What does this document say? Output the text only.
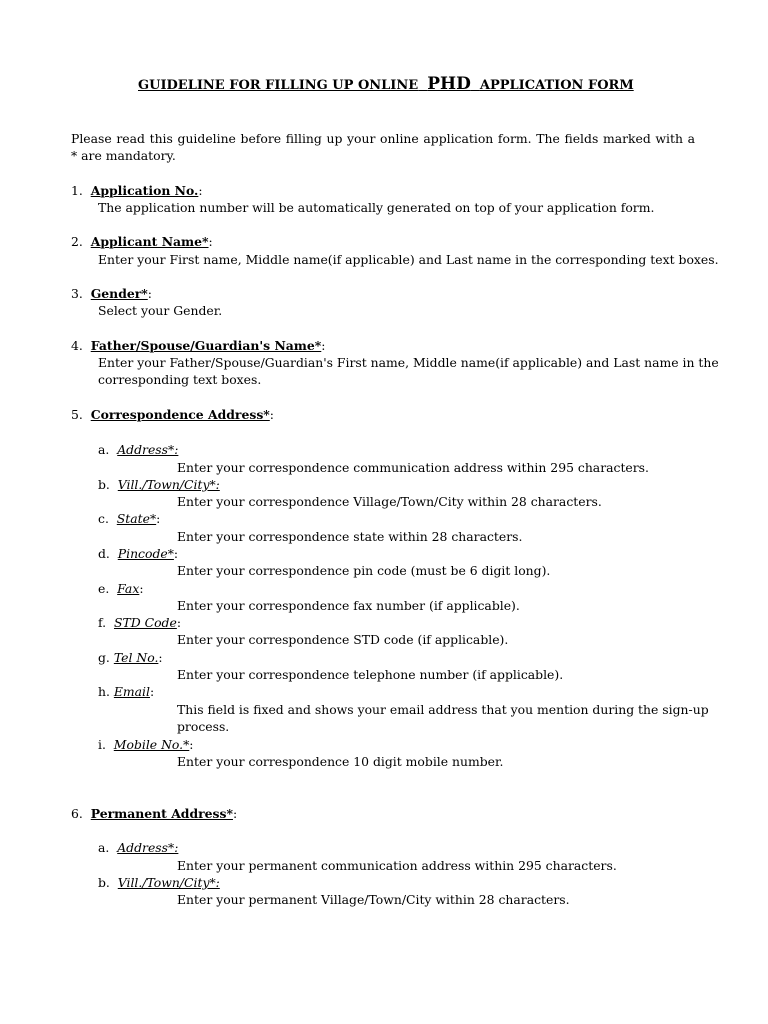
GUIDELINE FOR FILLING UP ONLINE PHD APPLICATION FORM
Please read this guideline before filling up your online application form. The fields marked with a
* are mandatory.
1. Application No.:
The application number will be automatically generated on top of your application form.
2. Applicant Name*:
Enter your First name, Middle name(if applicable) and Last name in the corresponding text boxes.
3. Gender*:
Select your Gender.
4. Father/Spouse/Guardian's Name*:
Enter your Father/Spouse/Guardian's First name, Middle name(if applicable) and Last name in the
corresponding text boxes.
5. Correspondence Address*:
a. Address*:
Enter your correspondence communication address within 295 characters.
b. Vill./Town/City*:
Enter your correspondence Village/Town/City within 28 characters.
c. State*:
Enter your correspondence state within 28 characters.
d. Pincode*:
Enter your correspondence pin code (must be 6 digit long).
e. Fax:
Enter your correspondence fax number (if applicable).
f. STD Code:
Enter your correspondence STD code (if applicable).
g. Tel No.:
Enter your correspondence telephone number (if applicable).
h. Email:
This field is fixed and shows your email address that you mention during the sign-up
process.
i. Mobile No.*:
Enter your correspondence 10 digit mobile number.
6. Permanent Address*:
a. Address*:
Enter your permanent communication address within 295 characters.
b. Vill./Town/City*:
Enter your permanent Village/Town/City within 28 characters.
